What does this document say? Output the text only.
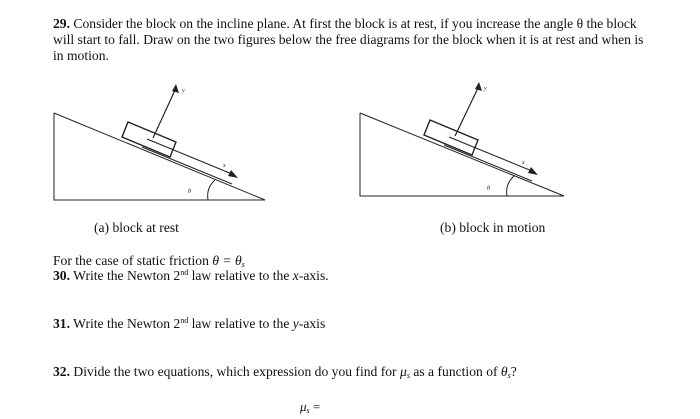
29. Consider the block on the incline plane. At first the block is at rest, if you increase the angle θ the block will start to fall. Draw on the two figures below the free diagrams for the block when it is at rest and when is in motion.
y
x
θ
(a) block at rest
y
x
θ
(b) block in motion
For the case of static friction $\theta = \theta_s$
30. Write the Newton 2nd law relative to the x-axis.
31. Write the Newton 2nd law relative to the y-axis
32. Divide the two equations, which expression do you find for $\mu_s$ as a function of $\theta_s$?
$\mu_s$ =
